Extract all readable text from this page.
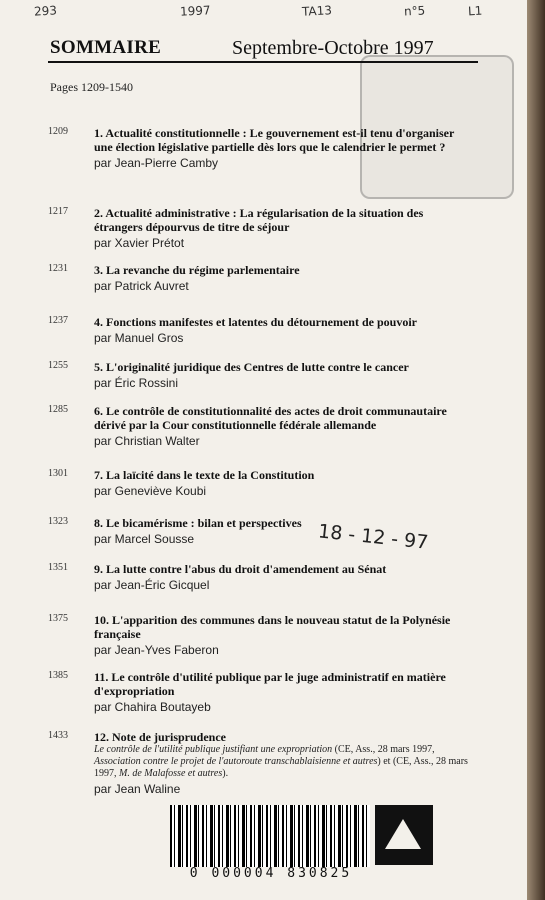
293	1997	TA13	n°5	L1
SOMMAIRE	Septembre-Octobre 1997
Pages 1209-1540
1209 1. Actualité constitutionnelle : Le gouvernement est-il tenu d'organiser une élection législative partielle dès lors que le calendrier le permet ?
par Jean-Pierre Camby
1217 2. Actualité administrative : La régularisation de la situation des étrangers dépourvus de titre de séjour
par Xavier Prétot
1231 3. La revanche du régime parlementaire
par Patrick Auvret
1237 4. Fonctions manifestes et latentes du détournement de pouvoir
par Manuel Gros
1255 5. L'originalité juridique des Centres de lutte contre le cancer
par Éric Rossini
1285 6. Le contrôle de constitutionnalité des actes de droit communautaire dérivé par la Cour constitutionnelle fédérale allemande
par Christian Walter
1301 7. La laïcité dans le texte de la Constitution
par Geneviève Koubi
1323 8. Le bicamérisme : bilan et perspectives
par Marcel Sousse
1351 9. La lutte contre l'abus du droit d'amendement au Sénat
par Jean-Éric Gicquel
1375 10. L'apparition des communes dans le nouveau statut de la Polynésie française
par Jean-Yves Faberon
1385 11. Le contrôle d'utilité publique par le juge administratif en matière d'expropriation
par Chahira Boutayeb
1433 12. Note de jurisprudence
Le contrôle de l'utilité publique justifiant une expropriation (CE, Ass., 28 mars 1997, Association contre le projet de l'autoroute transchablaisienne et autres) et (CE, Ass., 28 mars 1997, M. de Malafosse et autres).
par Jean Waline
18 - 12 - 97
0 000004 830825
